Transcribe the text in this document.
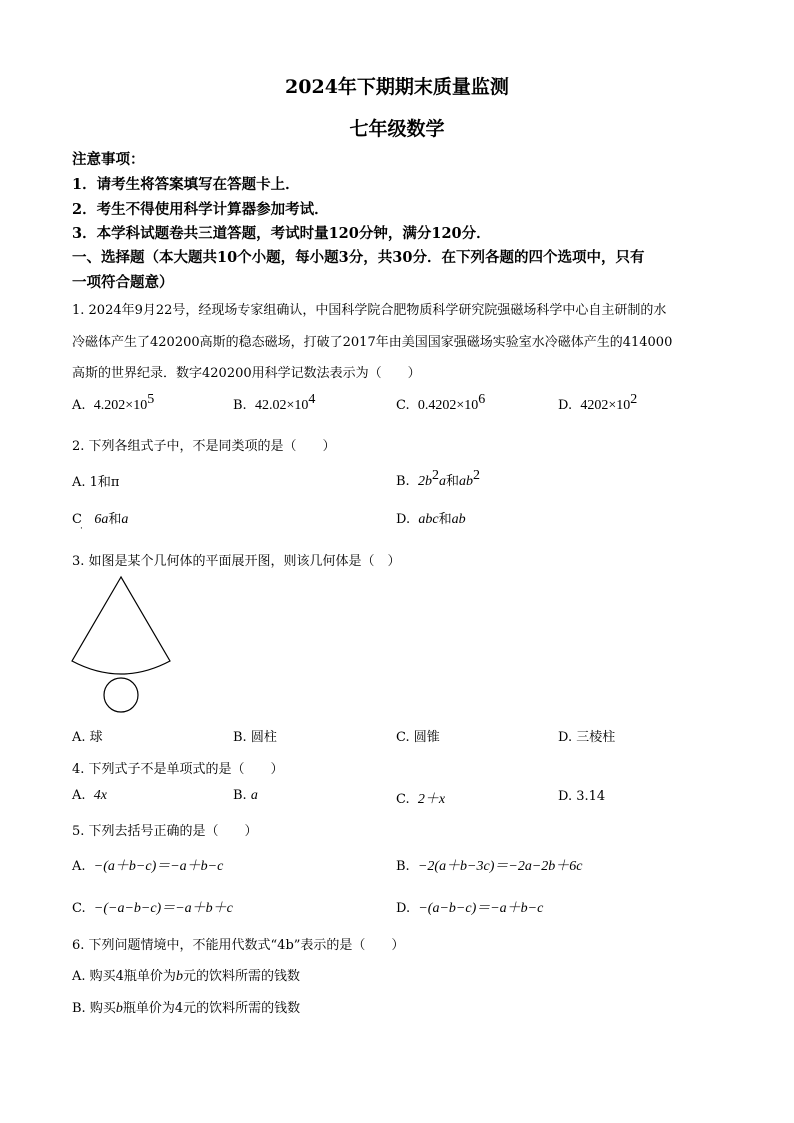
2024年下期期末质量监测
七年级数学
注意事项：
1．请考生将答案填写在答题卡上．
2．考生不得使用科学计算器参加考试．
3．本学科试题卷共三道答题，考试时量120分钟，满分120分．
一、选择题（本大题共10个小题，每小题3分，共30分．在下列各题的四个选项中，只有
一项符合题意）
1. 2024年9月22号，经现场专家组确认，中国科学院合肥物质科学研究院强磁场科学中心自主研制的水
冷磁体产生了420200高斯的稳态磁场，打破了2017年由美国国家强磁场实验室水冷磁体产生的414000
高斯的世界纪录．数字420200用科学记数法表示为（　　）
A. $4.202\times 10^5$	B. $42.02\times 10^4$	C. $0.4202\times 10^6$	D. $4202\times 10^2$
2. 下列各组式子中，不是同类项的是（　　）
A. 1和π	B. $2b^2a$和$ab^2$
C 6a和a
·
D. abc和ab
3. 如图是某个几何体的平面展开图，则该几何体是（　）
A. 球	B. 圆柱	C. 圆锥	D. 三棱柱
4. 下列式子不是单项式的是（　　）
A. 4x	B. a	C. 2＋x	D. 3.14
5. 下列去括号正确的是（　　）
A. −(a＋b−c)＝−a＋b−c	B. −2(a＋b−3c)＝−2a−2b＋6c
C. −(−a−b−c)＝−a＋b＋c	D. −(a−b−c)＝−a＋b−c
6. 下列问题情境中，不能用代数式“4b”表示的是（　　）
A. 购买4瓶单价为b元的饮料所需的钱数
B. 购买b瓶单价为4元的饮料所需的钱数
